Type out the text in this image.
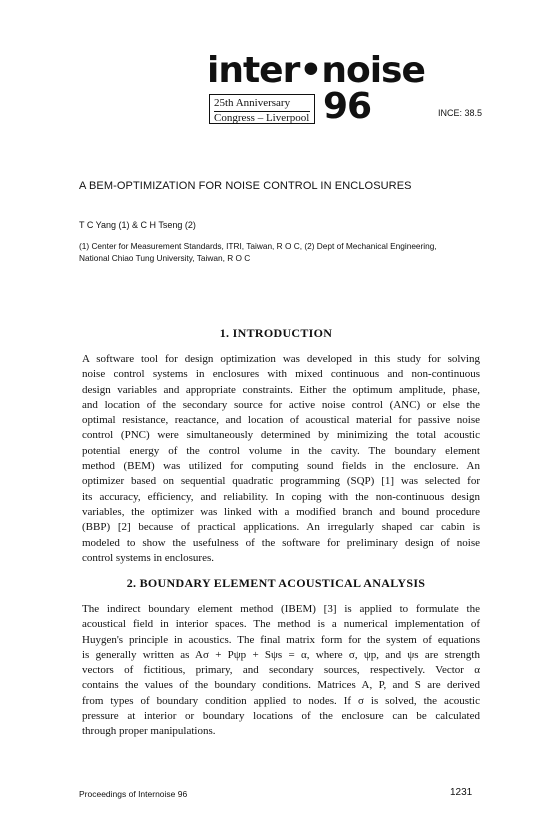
inter•noise
25th Anniversary
Congress – Liverpool 96	INCE: 38.5
A BEM-OPTIMIZATION FOR NOISE CONTROL IN ENCLOSURES
T C Yang (1) & C H Tseng (2)
(1) Center for Measurement Standards, ITRI, Taiwan, R O C, (2) Dept of Mechanical Engineering,
National Chiao Tung University, Taiwan, R O C
1. INTRODUCTION
A software tool for design optimization was developed in this study for solving
noise control systems in enclosures with mixed continuous and non-continuous
design variables and appropriate constraints. Either the optimum amplitude, phase,
and location of the secondary source for active noise control (ANC) or else the
optimal resistance, reactance, and location of acoustical material for passive noise
control (PNC) were simultaneously determined by minimizing the total acoustic
potential energy of the control volume in the cavity. The boundary element
method (BEM) was utilized for computing sound fields in the enclosure. An
optimizer based on sequential quadratic programming (SQP) [1] was selected for
its accuracy, efficiency, and reliability. In coping with the non-continuous design
variables, the optimizer was linked with a modified branch and bound procedure
(BBP) [2] because of practical applications. An irregularly shaped car cabin is
modeled to show the usefulness of the software for preliminary design of noise
control systems in enclosures.
2. BOUNDARY ELEMENT ACOUSTICAL ANALYSIS
The indirect boundary element method (IBEM) [3] is applied to formulate the
acoustical field in interior spaces. The method is a numerical implementation of
Huygen's principle in acoustics. The final matrix form for the system of equations
is generally written as Aσ + Pψp + Sψs = α, where σ, ψp, and ψs are strength
vectors of fictitious, primary, and secondary sources, respectively. Vector α
contains the values of the boundary conditions. Matrices A, P, and S are derived
from types of boundary condition applied to nodes. If σ is solved, the acoustic
pressure at interior or boundary locations of the enclosure can be calculated
through proper manipulations.
Proceedings of Internoise 96	1231
